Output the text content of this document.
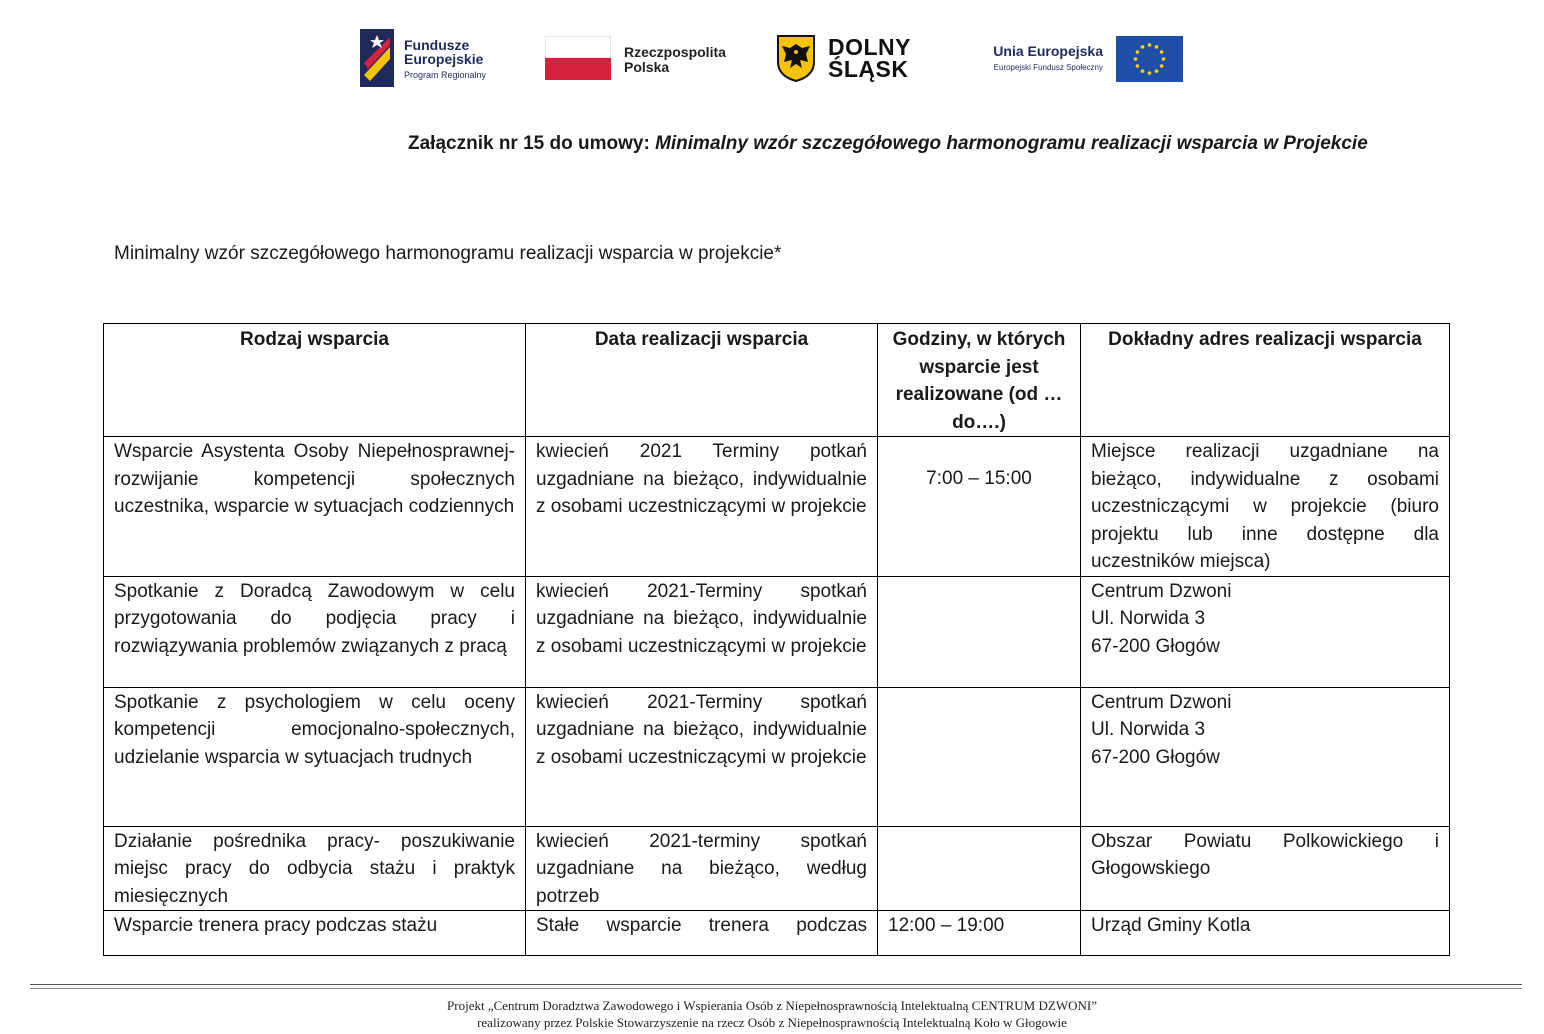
Fundusze
Europejskie
Program Regionalny
Rzeczpospolita
Polska
DOLNY
ŚLĄSK
Unia Europejska
Europejski Fundusz Społeczny
Załącznik nr 15 do umowy: Minimalny wzór szczegółowego harmonogramu realizacji wsparcia w Projekcie
Minimalny wzór szczegółowego harmonogramu realizacji wsparcia w projekcie*
Rodzaj wsparcia	Data realizacji wsparcia	Godziny, w których wsparcie jest realizowane (od … do….)	Dokładny adres realizacji wsparcia
Wsparcie Asystenta Osoby Niepełnosprawnej- rozwijanie kompetencji społecznych uczestnika, wsparcie w sytuacjach codziennych	kwiecień 2021 Terminy potkań uzgadniane na bieżąco, indywidualnie z osobami uczestniczącymi w projekcie	7:00 – 15:00	Miejsce realizacji uzgadniane na bieżąco, indywidualne z osobami uczestniczącymi w projekcie (biuro projektu lub inne dostępne dla uczestników miejsca)
Spotkanie z Doradcą Zawodowym w celu przygotowania do podjęcia pracy i rozwiązywania problemów związanych z pracą	kwiecień 2021-Terminy spotkań uzgadniane na bieżąco, indywidualnie z osobami uczestniczącymi w projekcie		Centrum Dzwoni
Ul. Norwida 3
67-200 Głogów
Spotkanie z psychologiem w celu oceny kompetencji emocjonalno-społecznych, udzielanie wsparcia w sytuacjach trudnych	kwiecień 2021-Terminy spotkań uzgadniane na bieżąco, indywidualnie z osobami uczestniczącymi w projekcie		Centrum Dzwoni
Ul. Norwida 3
67-200 Głogów
Działanie pośrednika pracy- poszukiwanie miejsc pracy do odbycia stażu i praktyk miesięcznych	kwiecień 2021-terminy spotkań uzgadniane na bieżąco, według potrzeb		Obszar Powiatu Polkowickiego i Głogowskiego
Wsparcie trenera pracy podczas stażu	Stałe wsparcie trenera podczas	12:00 – 19:00	Urząd Gminy Kotla
Projekt „Centrum Doradztwa Zawodowego i Wspierania Osób z Niepełnosprawnością Intelektualną CENTRUM DZWONI”
realizowany przez Polskie Stowarzyszenie na rzecz Osób z Niepełnosprawnością Intelektualną Koło w Głogowie
